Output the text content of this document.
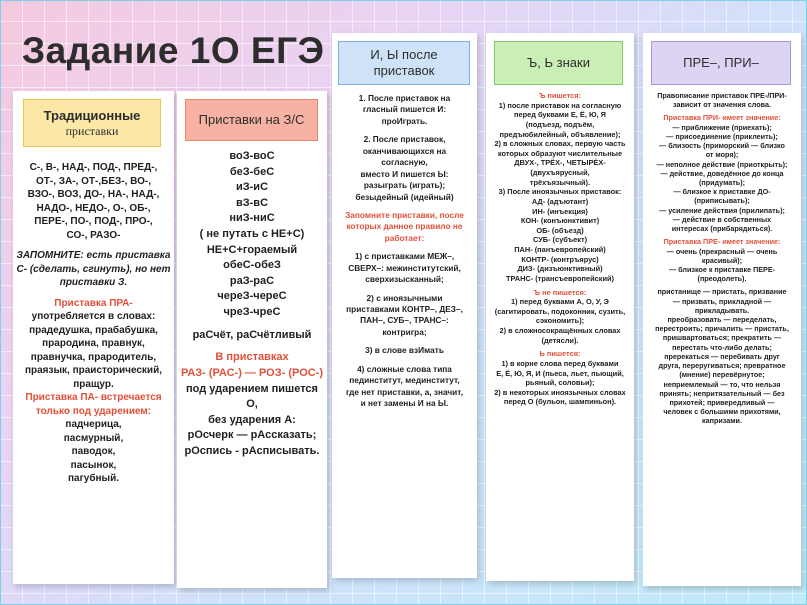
Задание 1О ЕГЭ
Традиционные
приставки
С-, В-, НАД-, ПОД-, ПРЕД-,
ОТ-, ЗА-, ОТ-,БЕЗ-, ВО-,
ВЗО-, ВОЗ, ДО-, НА-, НАД-,
НАДО-, НЕДО-, О-, ОБ-,
ПЕРЕ-, ПО-, ПОД-, ПРО-,
СО-, РАЗО-
ЗАПОМНИТЕ: есть приставка
С- (сделать, сгинуть), но нет
приставки З.
Приставка ПРА-
употребляется в словах:
прадедушка, прабабушка,
прародина, правнук,
правнучка, прародитель,
праязык, праисторический,
пращур.
Приставка ПА- встречается
только под ударением:
падчерица,
пасмурный,
паводок,
пасынок,
пагубный.
Приставки на З/С
воЗ-воС
беЗ-беС
иЗ-иС
вЗ-вС
ниЗ-ниС
( не путать с НЕ+С)
НЕ+С+гораемый
обеС-обеЗ
раЗ-раС
череЗ-череС
чреЗ-чреС
раСчёт, раСчётливый
В приставках
РАЗ- (РАС-) — РОЗ- (РОС-)
под ударением пишется О,
без ударения А:
рОсчерк — рАссказать;
рОспись - рАсписывать.
И, Ы после
приставок
1. После приставок на
гласный пишется И:
проИграть.
2. После приставок,
оканчивающихся на
согласную,
вместо И пишется Ы:
разыграть (играть);
безыдейный (идейный)
Запомните приставки, после
которых данное правило не
работает:
1) с приставками МЕЖ–,
СВЕРХ–: межинститутский,
сверхизысканный;
2) с иноязычными
приставками КОНТР–, ДЕЗ–,
ПАН–, СУБ–, ТРАНС–:
контригра;
3) в слове взИмать
4) сложные слова типа
пединститут, мединститут,
где нет приставки, а, значит,
и нет замены И на Ы.
Ъ, Ь знаки
Ъ пишется:
1) после приставок на согласную
перед буквами Е, Ё, Ю, Я
(подъезд, подъём,
предъюбилейный, объявление);
2) в сложных словах, первую часть
которых образуют числительные
ДВУХ-, ТРЁХ-, ЧЕТЫРЁХ-
(двухъярусный,
трёхъязычный).
3) После иноязычных приставок:
АД- (адъютант)
ИН- (инъекция)
КОН- (конъюнктивит)
ОБ- (объезд)
СУБ- (субъект)
ПАН- (панъевропейский)
КОНТР- (контръярус)
ДИЗ- (дизъюнктивный)
ТРАНС- (трансъевропейский)
Ъ не пишется:
1) перед буквами А, О, У, Э
(сагитировать, подоконник, сузить,
сэкономить);
2) в сложносокращённых словах
(детясли).
Ь пишется:
1) в корне слова перед буквами
Е, Ё, Ю, Я, И (пьеса, льет, пьющий,
рьяный, соловьи);
2) в некоторых иноязычных словах
перед О (бульон, шампиньон).
ПРЕ–, ПРИ–
Правописание приставок ПРЕ-/ПРИ-
зависит от значения слова.
Приставка ПРИ- имеет значение:
— приближение (приехать);
— присоединение (приклеить);
— близость (приморский — близко
от моря);
— неполное действие (приоткрыть);
— действие, доведённое до конца
(придумать);
— близкое к приставке ДО-
(приписывать);
— усиление действия (прилипать);
— действие в собственных
интересах (прибарядиться).
Приставка ПРЕ- имеет значение:
— очень (прекрасный — очень
красивый);
— близкое к приставке ПЕРЕ-
(преодолеть).
пристанище — пристать, призвание
— призвать, прикладной —
прикладывать.
преобразовать — переделать,
перестроить; причалить — пристать,
пришвартоваться; прекратить —
перестать что-либо делать;
пререкаться — перебивать друг
друга, переругиваться; превратное
(мнение) перевёрнутое;
неприемлемый — то, что нельзя
принять; непритязательный — без
прихотей; привередливый —
человек с большими прихотями,
капризами.
